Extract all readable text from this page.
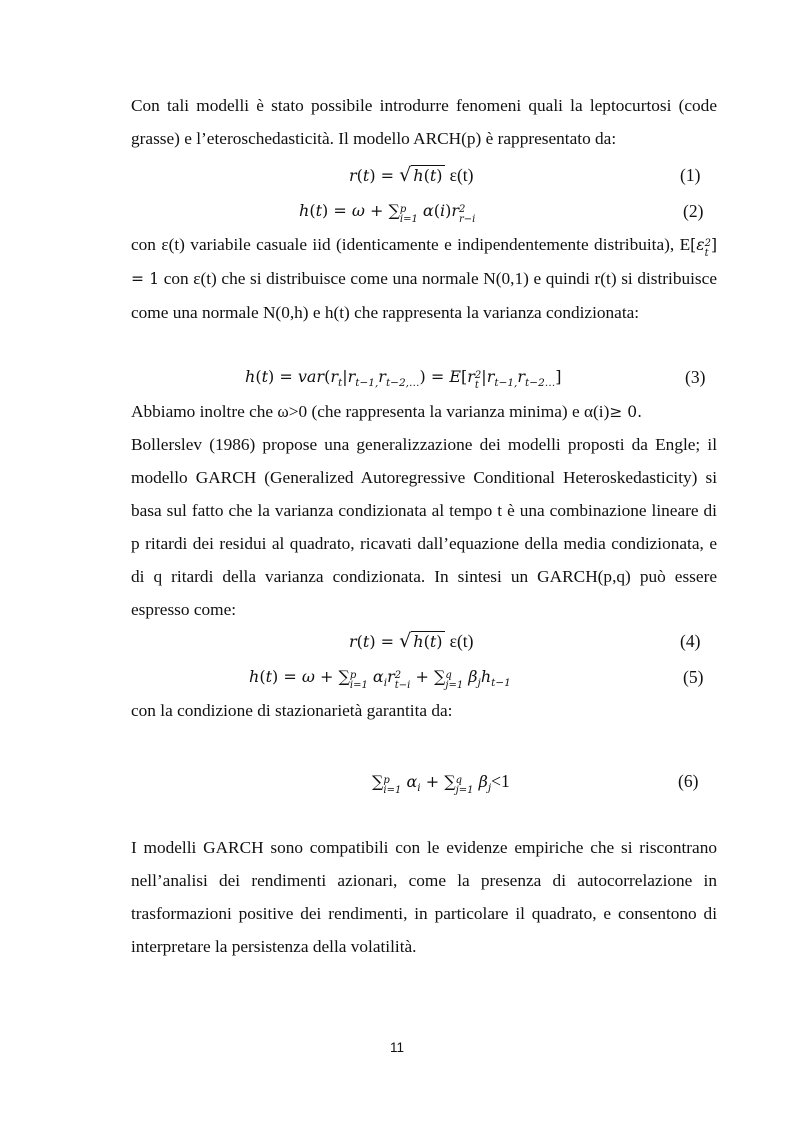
Con tali modelli è stato possibile introdurre fenomeni quali la leptocurtosi (code grasse) e l’eteroschedasticità. Il modello ARCH(p) è rappresentato da:

r(t) = √ h(t) ε(t)	(1)
h(t) = ω + ∑ p
i=1 α(i)r 2
r−i	(2)

con ε(t) variabile casuale iid (identicamente e indipendentemente distribuita), E[ε 2
t ] = 1 con ε(t) che si distribuisce come una normale N(0,1) e quindi r(t) si distribuisce come una normale N(0,h) e h(t) che rappresenta la varianza condizionata:

$h(t) = var(r_t|r_{t-1,}r_{t-2,\dots}) = E[r$ 2
t $|r_{t-1,}r_{t-2\dots}$]	(3)

Abbiamo inoltre che ω>0 (che rappresenta la varianza minima) e α(i)≥ 0.

Bollerslev (1986) propose una generalizzazione dei modelli proposti da Engle; il modello GARCH (Generalized Autoregressive Conditional Heteroskedasticity) si basa sul fatto che la varianza condizionata al tempo t è una combinazione lineare di p ritardi dei residui al quadrato, ricavati dall’equazione della media condizionata, e di q ritardi della varianza condizionata. In sintesi un GARCH(p,q) può essere espresso come:

r(t) = √ h(t) ε(t)	(4)
h(t) = ω + ∑ p
i=1 $\alpha_ir$ 2
t−i + ∑ q
j=1 $\beta_jh_{t-1}$	(5)

con la condizione di stazionarietà garantita da:

∑ p
i=1 $\alpha_i$ + ∑ q
j=1 $\beta_j<1$	(6)

I modelli GARCH sono compatibili con le evidenze empiriche che si riscontrano nell’analisi dei rendimenti azionari, come la presenza di autocorrelazione in trasformazioni positive dei rendimenti, in particolare il quadrato, e consentono di interpretare la persistenza della volatilità.

11
